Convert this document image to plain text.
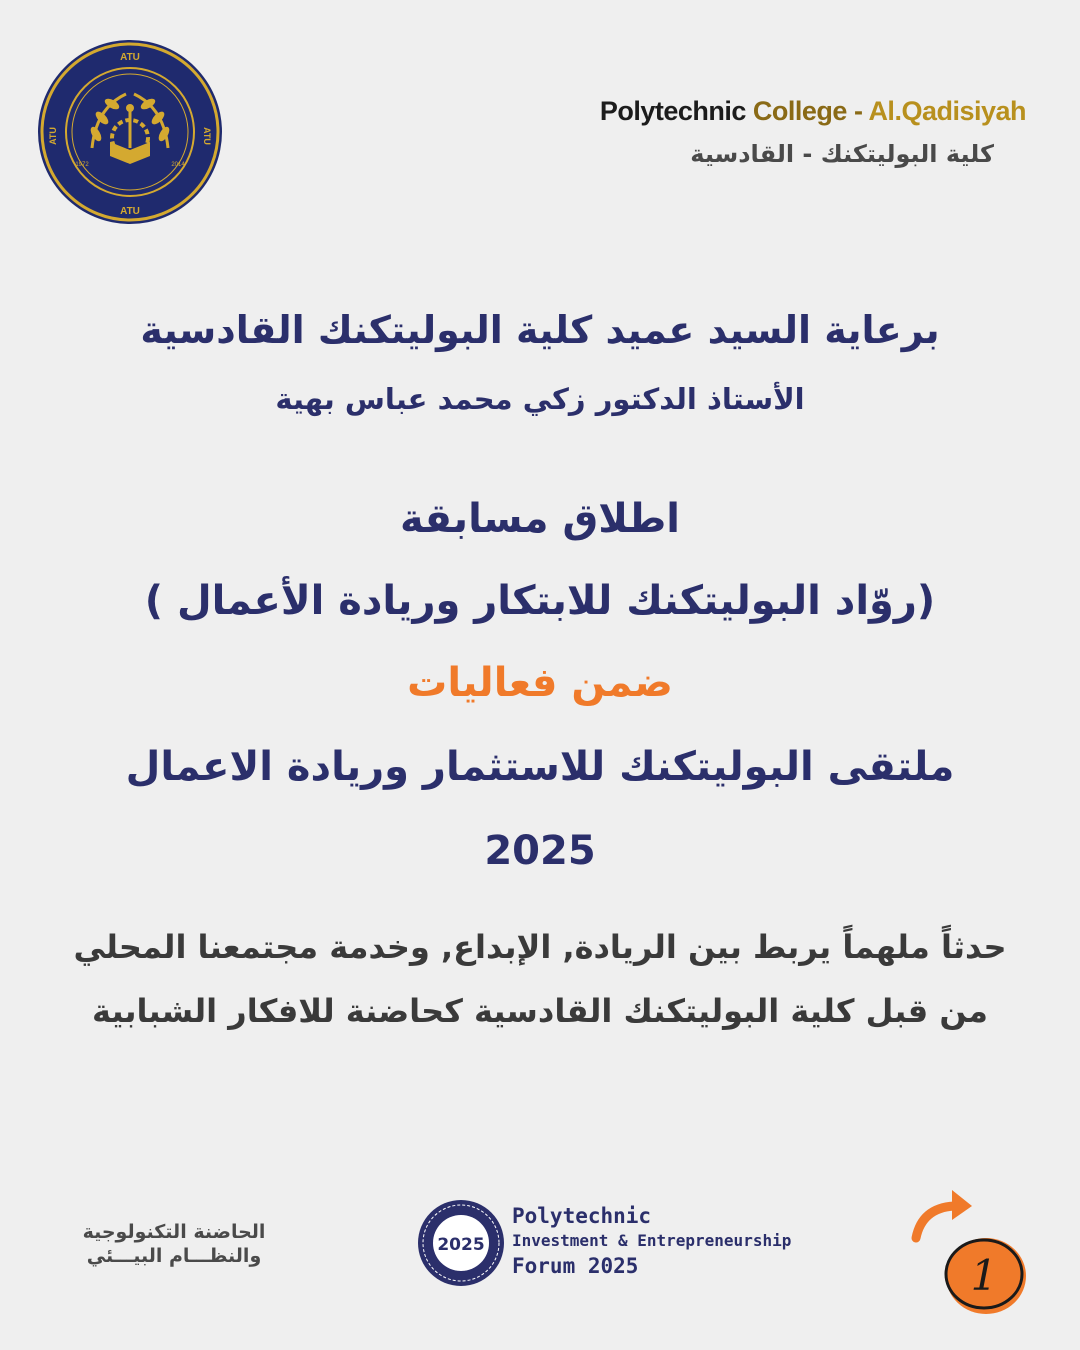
ATU
ATU
ATU	ATU
1972	2014
Polytechnic College - Al.Qadisiyah
كلية البوليتكنك - القادسية
برعاية السيد عميد كلية البوليتكنك القادسية
الأستاذ الدكتور زكي محمد عباس بهية
اطلاق مسابقة
(روّاد البوليتكنك للابتكار وريادة الأعمال )
ضمن فعاليات
ملتقى البوليتكنك للاستثمار وريادة الاعمال
2025
حدثاً ملهماً يربط بين الريادة, الإبداع, وخدمة مجتمعنا المحلي
من قبل كلية البوليتكنك القادسية كحاضنة للافكار الشبابية
الحاضنة التكنولوجية
والنظـــام البيـــئي	2025
Polytechnic
Investment & Entrepreneurship
Forum 2025	1
